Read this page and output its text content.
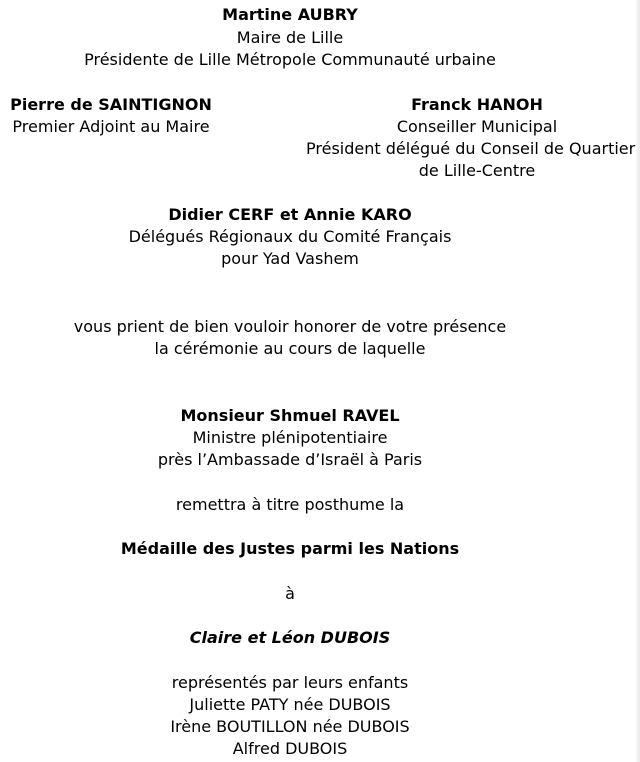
Martine AUBRY
Maire de Lille
Présidente de Lille Métropole Communauté urbaine
Pierre de SAINTIGNON
Premier Adjoint au Maire
Franck HANOH
Conseiller Municipal
Président délégué du Conseil de Quartier
de Lille-Centre
Didier CERF et Annie KARO
Délégués Régionaux du Comité Français
pour Yad Vashem
vous prient de bien vouloir honorer de votre présence
la cérémonie au cours de laquelle
Monsieur Shmuel RAVEL
Ministre plénipotentiaire
près l’Ambassade d’Israël à Paris
remettra à titre posthume la
Médaille des Justes parmi les Nations
à
Claire et Léon DUBOIS
représentés par leurs enfants
Juliette PATY née DUBOIS
Irène BOUTILLON née DUBOIS
Alfred DUBOIS
